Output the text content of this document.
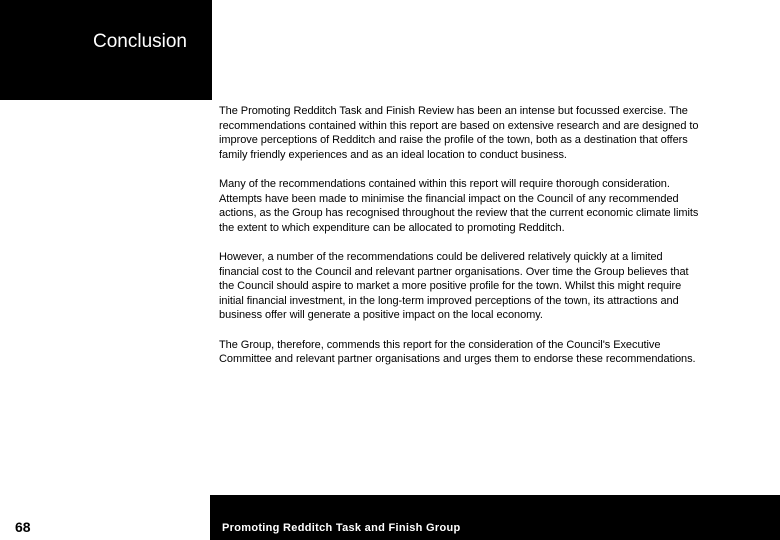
Conclusion
The Promoting Redditch Task and Finish Review has been an intense but focussed exercise. The
recommendations contained within this report are based on extensive research and are designed to
improve perceptions of Redditch and raise the profile of the town, both as a destination that offers
family friendly experiences and as an ideal location to conduct business.
Many of the recommendations contained within this report will require thorough consideration.
Attempts have been made to minimise the financial impact on the Council of any recommended
actions, as the Group has recognised throughout the review that the current economic climate limits
the extent to which expenditure can be allocated to promoting Redditch.
However, a number of the recommendations could be delivered relatively quickly at a limited
financial cost to the Council and relevant partner organisations. Over time the Group believes that
the Council should aspire to market a more positive profile for the town. Whilst this might require
initial financial investment, in the long-term improved perceptions of the town, its attractions and
business offer will generate a positive impact on the local economy.
The Group, therefore, commends this report for the consideration of the Council's Executive
Committee and relevant partner organisations and urges them to endorse these recommendations.
Promoting Redditch Task and Finish Group
68
